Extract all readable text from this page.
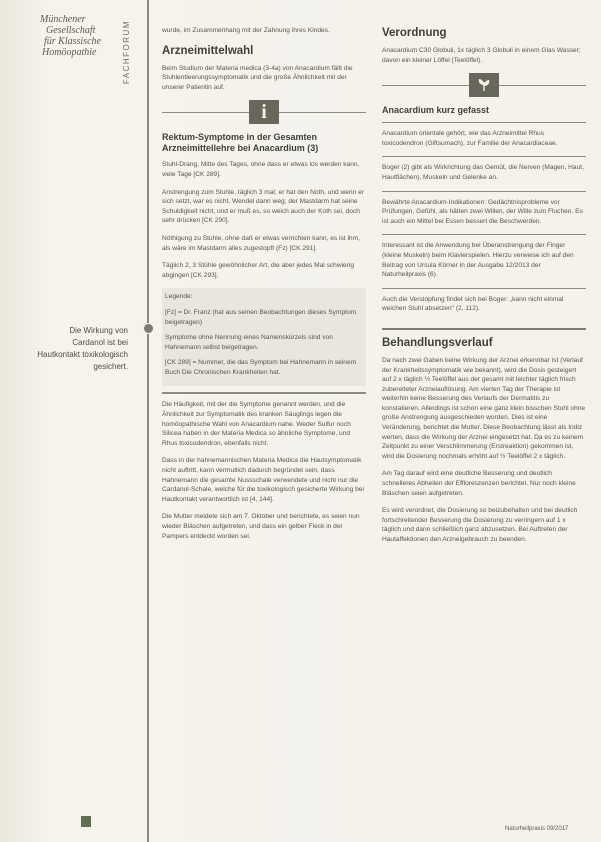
Münchener
Gesellschaft
für Klassische
Homöopathie	FACHFORUM
Die Wirkung von Cardanol ist bei Hautkontakt toxikologisch gesichert.

wurde, im Zusammenhang mit der Zahnung ihres Kindes.

Arzneimittelwahl

Beim Studium der Materia medica (3-4a) von Anacardium fällt die Stuhlentleerungssymptomatik und die große Ähnlichkeit mit der unserer Patientin auf.

i
Rektum-Symptome in der Gesamten Arzneimittellehre bei Anacardium (3)

Stuhl-Drang, Mitte des Tages, ohne dass er etwas los werden kann, viele Tage [CK 289].

Anstrengung zum Stuhle, täglich 3 mal; er hat den Noth, und wenn er sich setzt, war es nicht, Wendel dann weg; der Mastdarm hat seine Schuldigkeit nicht, und er muß es, so weich auch der Koth sei, doch sehr drücken [CK 290].

Nöthigung zu Stuhle, ohne daß er etwas verrichten kann, es ist ihm, als wäre im Mastdarm alles zugestopft (Fz) [CK 291].

Täglich 2, 3 Stühle gewöhnlicher Art, die aber jedes Mal schwierig abgingen [CK 293].

Legende:

[Fz] = Dr. Franz (hat aus seinen Beobachtungen dieses Symptom beigetragen)

Symptome ohne Nennung eines Namenskürzels sind von Hahnemann selbst beigetragen.

[CK 289] = Nummer, die das Symptom bei Hahnemann in seinem Buch Die Chronischen Krankheiten hat.

Die Häufigkeit, mit der die Symptome genannt werden, und die Ähnlichkeit zur Symptomatik des kranken Säuglings legen die homöopathische Wahl von Anacardium nahe. Weder Sulfur noch Silicea haben in der Materia Medica so ähnliche Symptome, und Rhus toxicodendron, ebenfalls nicht.

Dass in der hahnemannischen Materia Medica die Hautsymptomatik nicht auftritt, kann vermutlich dadurch begründet sein, dass Hahnemann die gesamte Nussschale verwendete und nicht nur die Cardanol-Schale, welche für die toxikologisch gesicherte Wirkung bei Hautkontakt verantwortlich ist [4, 144].

Die Mutter meldete sich am 7. Oktober und berichtete, es seien nun wieder Bläschen aufgetreten, und dass ein gelber Fleck in der Pampers entdeckt worden sei.

Verordnung

Anacardium C30 Globuli, 1x täglich 3 Globuli in einem Glas Wasser; davon ein kleiner Löffel (Teelöffel).

Anacardium kurz gefasst

Anacardium orientale gehört, wie das Arzneimittel Rhus toxicodendron (Giftsumach), zur Familie der Anacardiaceae.

Boger (2) gibt als Wirkrichtung das Gemüt, die Nerven (Magen, Haut, Hautflächen), Muskeln und Gelenke an.

Bewährte Anacardium-Indikationen: Gedächtnisprobleme vor Prüfungen, Gefühl, als hätten zwei Willen, der Wille zum Fluchen. Es ist auch ein Mittel bei Essen bessert die Beschwerden.

Interessant ist die Anwendung bei Überanstrengung der Finger (kleine Muskeln) beim Klavierspielen. Hierzu verweise ich auf den Beitrag von Ursula Körner in der Ausgabe 12/2013 der Naturheilpraxis (6).

Auch die Verstopfung findet sich bei Boger: „kann nicht einmal weichen Stuhl absetzen" (2, 112).

Behandlungsverlauf

Da nach zwei Gaben keine Wirkung der Arznei erkennbar ist (Verlauf der Krankheitssymptomatik wie bekannt), wird die Dosis gesteigert auf 2 x täglich ½ Teelöffel aus der gesamt mit leichter täglich frisch zubereiteter Arzneiauflösung. Am vierten Tag der Therapie ist weiterhin keine Besserung des Verlaufs der Dermatitis zu konstatieren. Allerdings ist schon eine ganz klein bisschen Stuhl ohne große Anstrengung ausgeschieden worden. Dies ist eine Veränderung, berichtet die Mutter. Diese Beobachtung lässt als Indiz werten, dass die Wirkung der Arznei eingesetzt hat. Da es zu keinem Zeitpunkt zu einer Verschlimmerung (Erstreaktion) gekommen ist, wird die Dosierung nochmals erhöht auf ½ Teelöffel 2 x täglich.

Am Tag darauf wird eine deutliche Besserung und deutlich schnelleres Abheilen der Effloreszenzen berichtet. Nur noch kleine Bläschen seien aufgetreten.

Es wird verordnet, die Dosierung so beizubehalten und bei deutlich fortschreitender Besserung die Dosierung zu verringern auf 1 x täglich und dann schließlich ganz abzusetzen. Bei Auftreten der Hautaffektionen den Arzneigebrauch zu beenden.

Naturheilpraxis 09/2017
